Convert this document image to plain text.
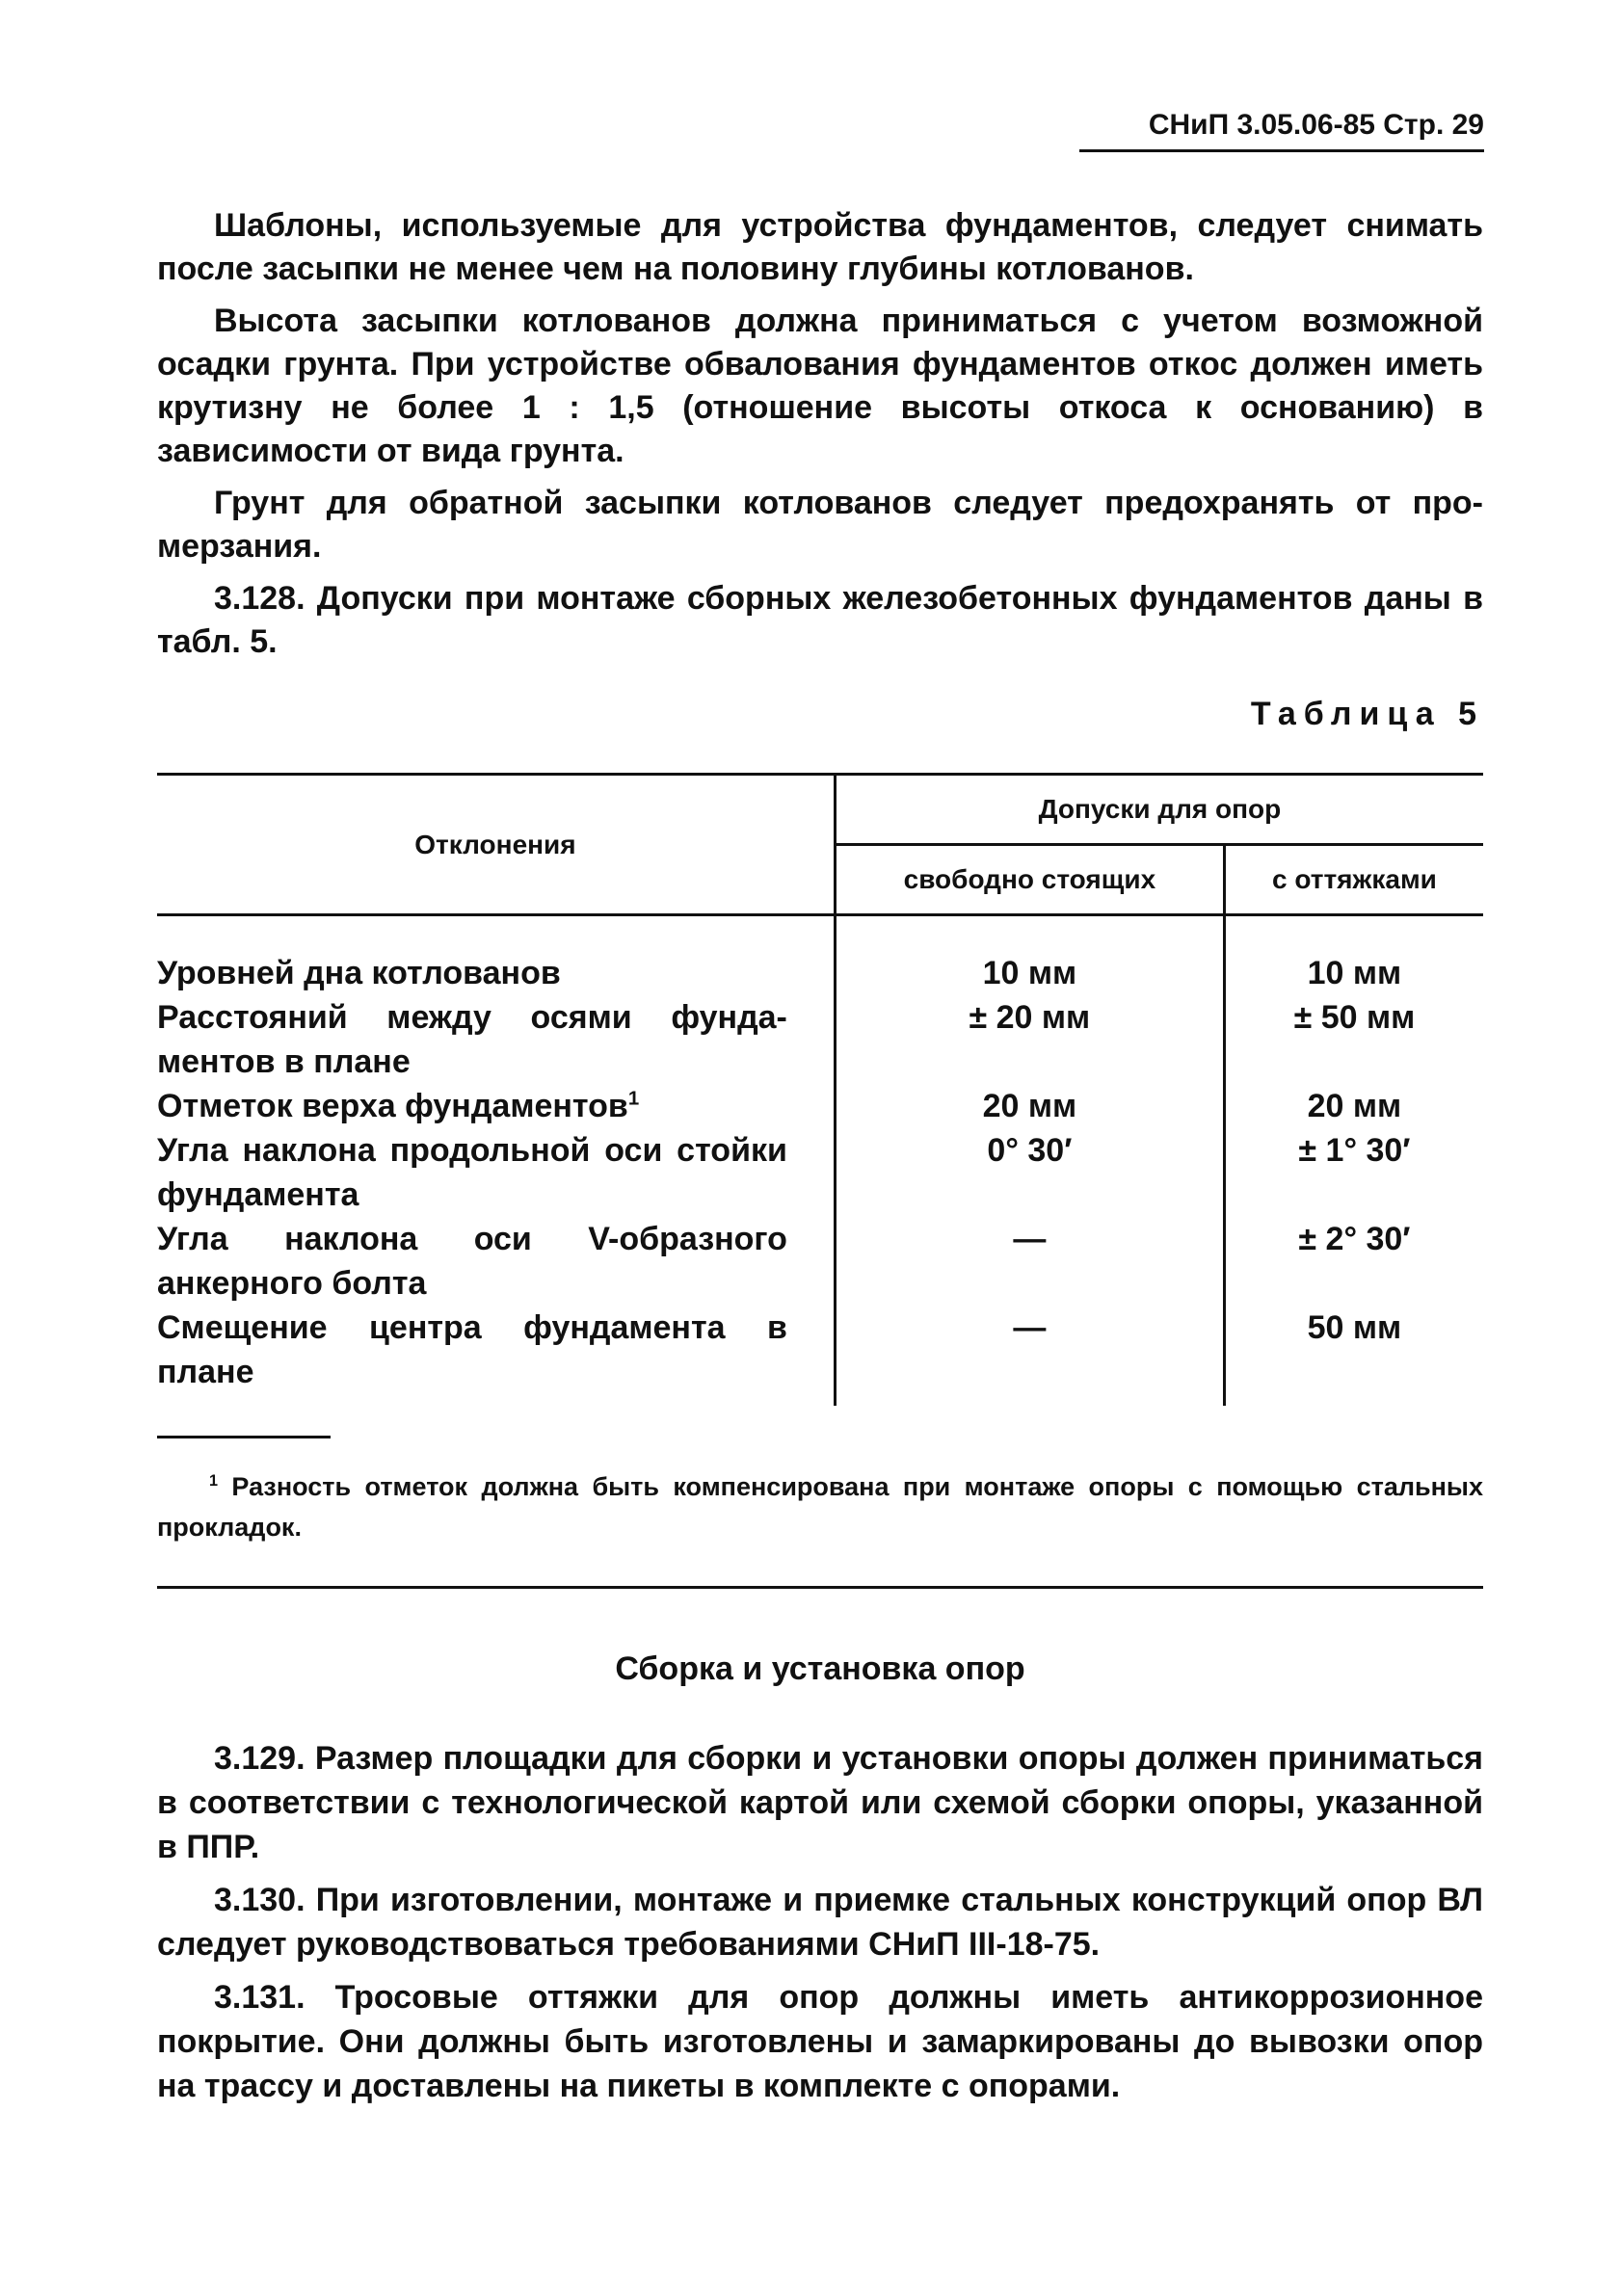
СНиП 3.05.06-85 Стр. 29

Шаблоны, используемые для устройства фундаментов, следует снимать после засыпки не менее чем на половину глубины котлованов.

Высота засыпки котлованов должна приниматься с учетом возможной осадки грунта. При устройстве обвалования фундаментов откос должен иметь крутизну не более 1 : 1,5 (отношение высоты откоса к основанию) в зависимости от вида грунта.

Грунт для обратной засыпки котлованов следует предохранять от про-мерзания.

3.128. Допуски при монтаже сборных железобетонных фундаментов даны в табл. 5.

Таблица 5
Отклонения	Допуски для опор	
	свободно стоящих	с оттяжками
Уровней дна котлованов	10 мм	10 мм
Расстояний между осями фунда-ментов в плане	± 20 мм	± 50 мм
Отметок верха фундаментов$^1$	20 мм	20 мм
Угла наклона продольной оси стойки фундамента	0° 30′	± 1° 30′
Угла наклона оси V-образного анкерного болта	—	± 2° 30′
Смещение центра фундамента в плане	—	50 мм
$^1$ Разность отметок должна быть компенсирована при монтаже опоры с помощью стальных прокладок.
Сборка и установка опор

3.129. Размер площадки для сборки и установки опоры должен приниматься в соответствии с технологической картой или схемой сборки опоры, указанной в ППР.

3.130. При изготовлении, монтаже и приемке стальных конструкций опор ВЛ следует руководствоваться требованиями СНиП III-18-75.

3.131. Тросовые оттяжки для опор должны иметь антикоррозионное покрытие. Они должны быть изготовлены и замаркированы до вывозки опор на трассу и доставлены на пикеты в комплекте с опорами.
